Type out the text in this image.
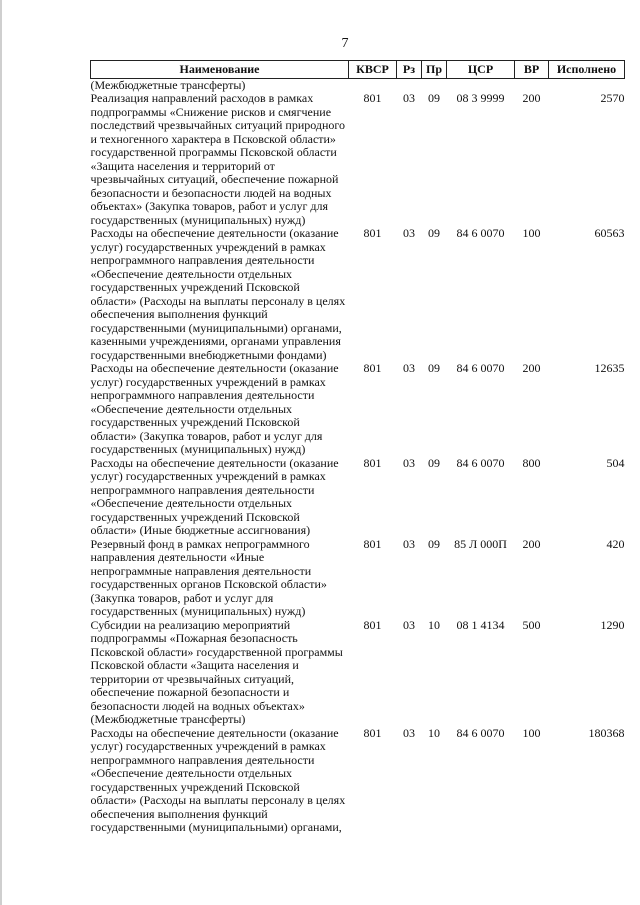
7
Наименование	КВСР	Рз	Пр	ЦСР	ВР	Исполнено
(Межбюджетные трансферты)						
Реализация направлений расходов в рамках подпрограммы «Снижение рисков и смягчение последствий чрезвычайных ситуаций природного и техногенного характера в Псковской области» государственной программы Псковской области «Защита населения и территорий от чрезвычайных ситуаций, обеспечение пожарной безопасности и безопасности людей на водных объектах» (Закупка товаров, работ и услуг для государственных (муниципальных) нужд)	801	03	09	08 3 9999	200	2570
Расходы на обеспечение деятельности (оказание услуг) государственных учреждений в рамках непрограммного направления деятельности «Обеспечение деятельности отдельных государственных учреждений Псковской области» (Расходы на выплаты персоналу в целях обеспечения выполнения функций государственными (муниципальными) органами, казенными учреждениями, органами управления государственными внебюджетными фондами)	801	03	09	84 6 0070	100	60563
Расходы на обеспечение деятельности (оказание услуг) государственных учреждений в рамках непрограммного направления деятельности «Обеспечение деятельности отдельных государственных учреждений Псковской области» (Закупка товаров, работ и услуг для государственных (муниципальных) нужд)	801	03	09	84 6 0070	200	12635
Расходы на обеспечение деятельности (оказание услуг) государственных учреждений в рамках непрограммного направления деятельности «Обеспечение деятельности отдельных государственных учреждений Псковской области» (Иные бюджетные ассигнования)	801	03	09	84 6 0070	800	504
Резервный фонд в рамках непрограммного направления деятельности «Иные непрограммные направления деятельности государственных органов Псковской области» (Закупка товаров, работ и услуг для государственных (муниципальных) нужд)	801	03	09	85 Л 000П	200	420
Субсидии на реализацию мероприятий подпрограммы «Пожарная безопасность Псковской области» государственной программы Псковской области «Защита населения и территории от чрезвычайных ситуаций, обеспечение пожарной безопасности и безопасности людей на водных объектах» (Межбюджетные трансферты)	801	03	10	08 1 4134	500	1290
Расходы на обеспечение деятельности (оказание услуг) государственных учреждений в рамках непрограммного направления деятельности «Обеспечение деятельности отдельных государственных учреждений Псковской области» (Расходы на выплаты персоналу в целях обеспечения выполнения функций государственными (муниципальными) органами,	801	03	10	84 6 0070	100	180368
